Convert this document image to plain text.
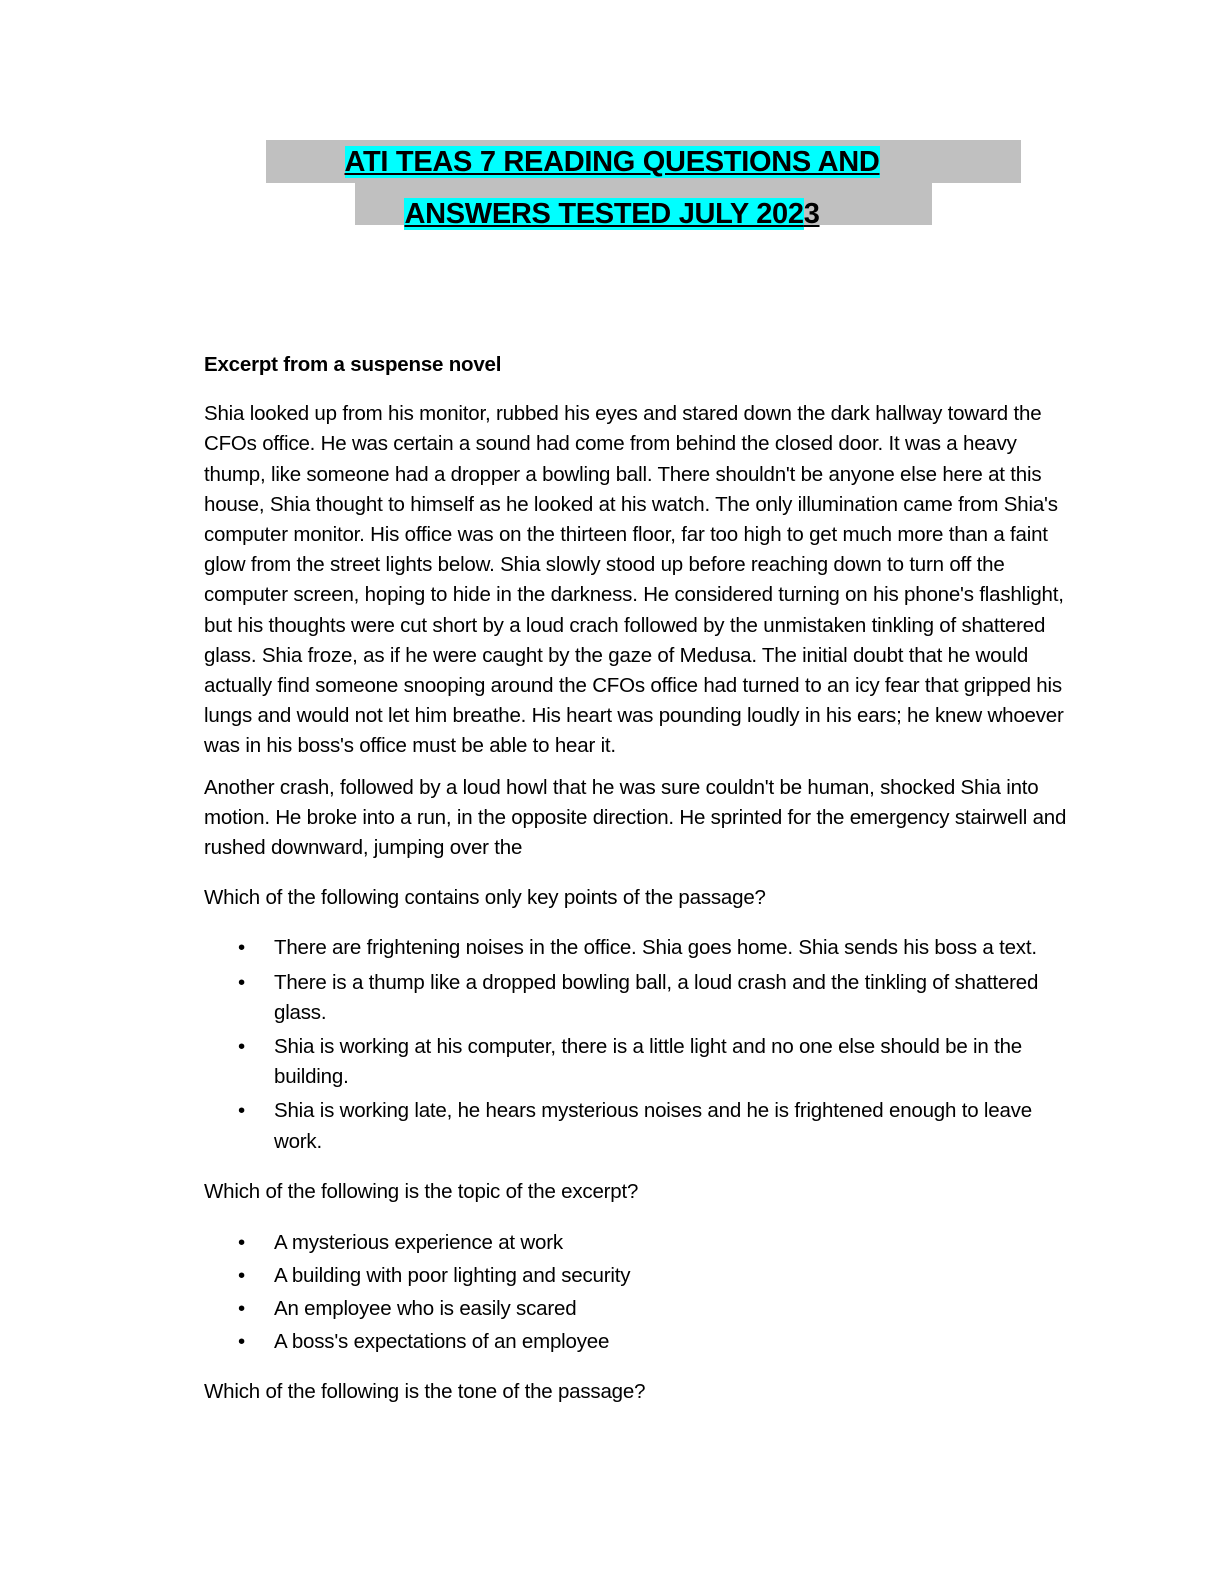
ATI TEAS 7 READING QUESTIONS AND
ANSWERS TESTED JULY 2023
Excerpt from a suspense novel

Shia looked up from his monitor, rubbed his eyes and stared down the dark hallway toward the CFOs office. He was certain a sound had come from behind the closed door. It was a heavy thump, like someone had a dropper a bowling ball. There shouldn't be anyone else here at this house, Shia thought to himself as he looked at his watch. The only illumination came from Shia's computer monitor. His office was on the thirteen floor, far too high to get much more than a faint glow from the street lights below. Shia slowly stood up before reaching down to turn off the computer screen, hoping to hide in the darkness. He considered turning on his phone's flashlight, but his thoughts were cut short by a loud crach followed by the unmistaken tinkling of shattered glass. Shia froze, as if he were caught by the gaze of Medusa. The initial doubt that he would actually find someone snooping around the CFOs office had turned to an icy fear that gripped his lungs and would not let him breathe. His heart was pounding loudly in his ears; he knew whoever was in his boss's office must be able to hear it.

Another crash, followed by a loud howl that he was sure couldn't be human, shocked Shia into motion. He broke into a run, in the opposite direction. He sprinted for the emergency stairwell and rushed downward, jumping over the

Which of the following contains only key points of the passage?
• There are frightening noises in the office. Shia goes home. Shia sends his boss a text.
• There is a thump like a dropped bowling ball, a loud crash and the tinkling of shattered glass.
• Shia is working at his computer, there is a little light and no one else should be in the building.
• Shia is working late, he hears mysterious noises and he is frightened enough to leave work.
Which of the following is the topic of the excerpt?
• A mysterious experience at work
• A building with poor lighting and security
• An employee who is easily scared
• A boss's expectations of an employee
Which of the following is the tone of the passage?
